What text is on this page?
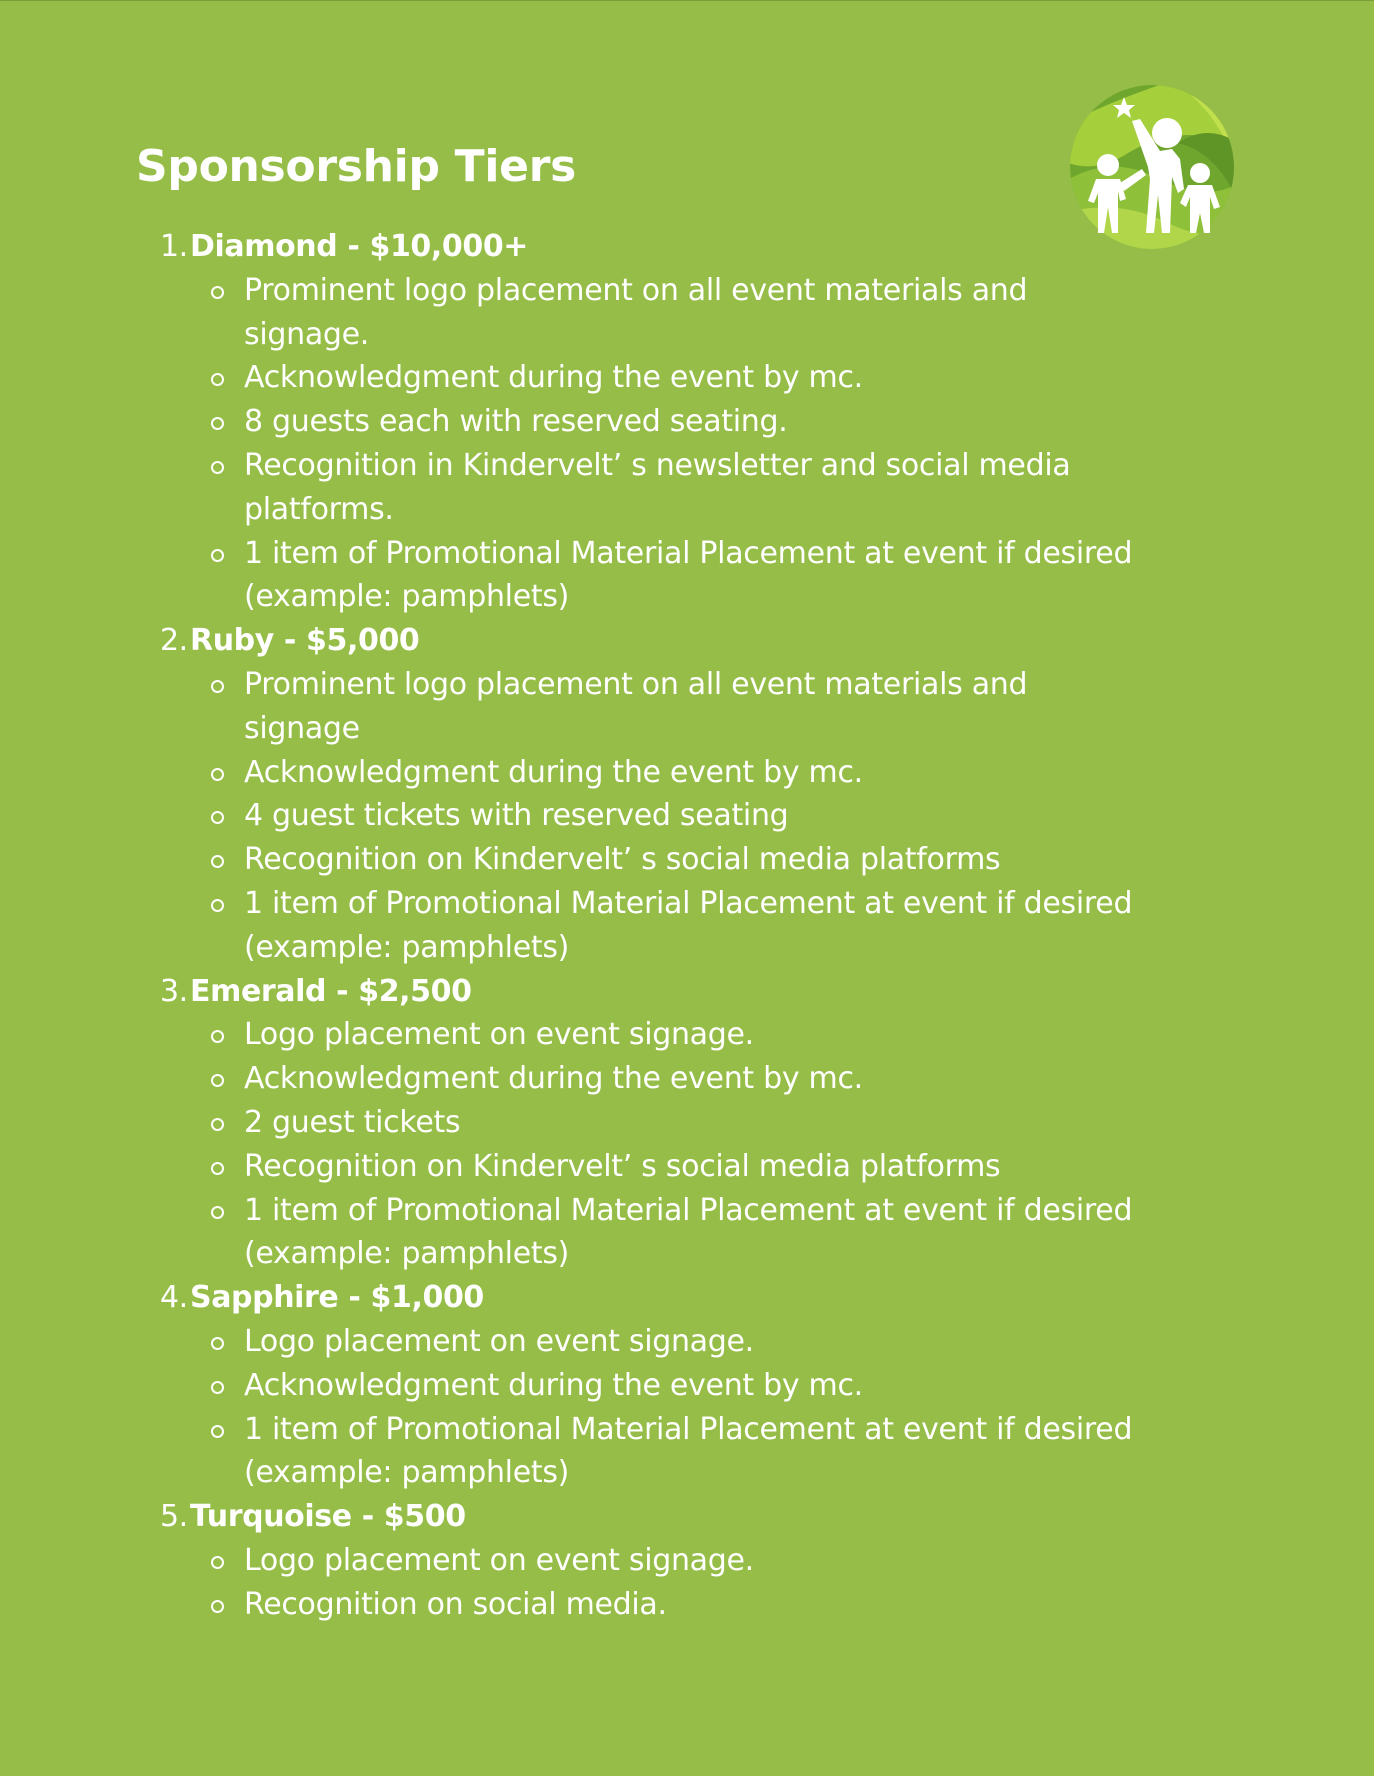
Sponsorship Tiers
1. Diamond - $10,000+
Prominent logo placement on all event materials and signage.
Acknowledgment during the event by mc.
8 guests each with reserved seating.
Recognition in Kindervelt’ s newsletter and social media platforms.
1 item of Promotional Material Placement at event if desired (example: pamphlets)
2. Ruby - $5,000
Prominent logo placement on all event materials and signage
Acknowledgment during the event by mc.
4 guest tickets with reserved seating
Recognition on Kindervelt’ s social media platforms
1 item of Promotional Material Placement at event if desired (example: pamphlets)
3. Emerald - $2,500
Logo placement on event signage.
Acknowledgment during the event by mc.
2 guest tickets
Recognition on Kindervelt’ s social media platforms
1 item of Promotional Material Placement at event if desired (example: pamphlets)
4. Sapphire - $1,000
Logo placement on event signage.
Acknowledgment during the event by mc.
1 item of Promotional Material Placement at event if desired (example: pamphlets)
5. Turquoise - $500
Logo placement on event signage.
Recognition on social media.
